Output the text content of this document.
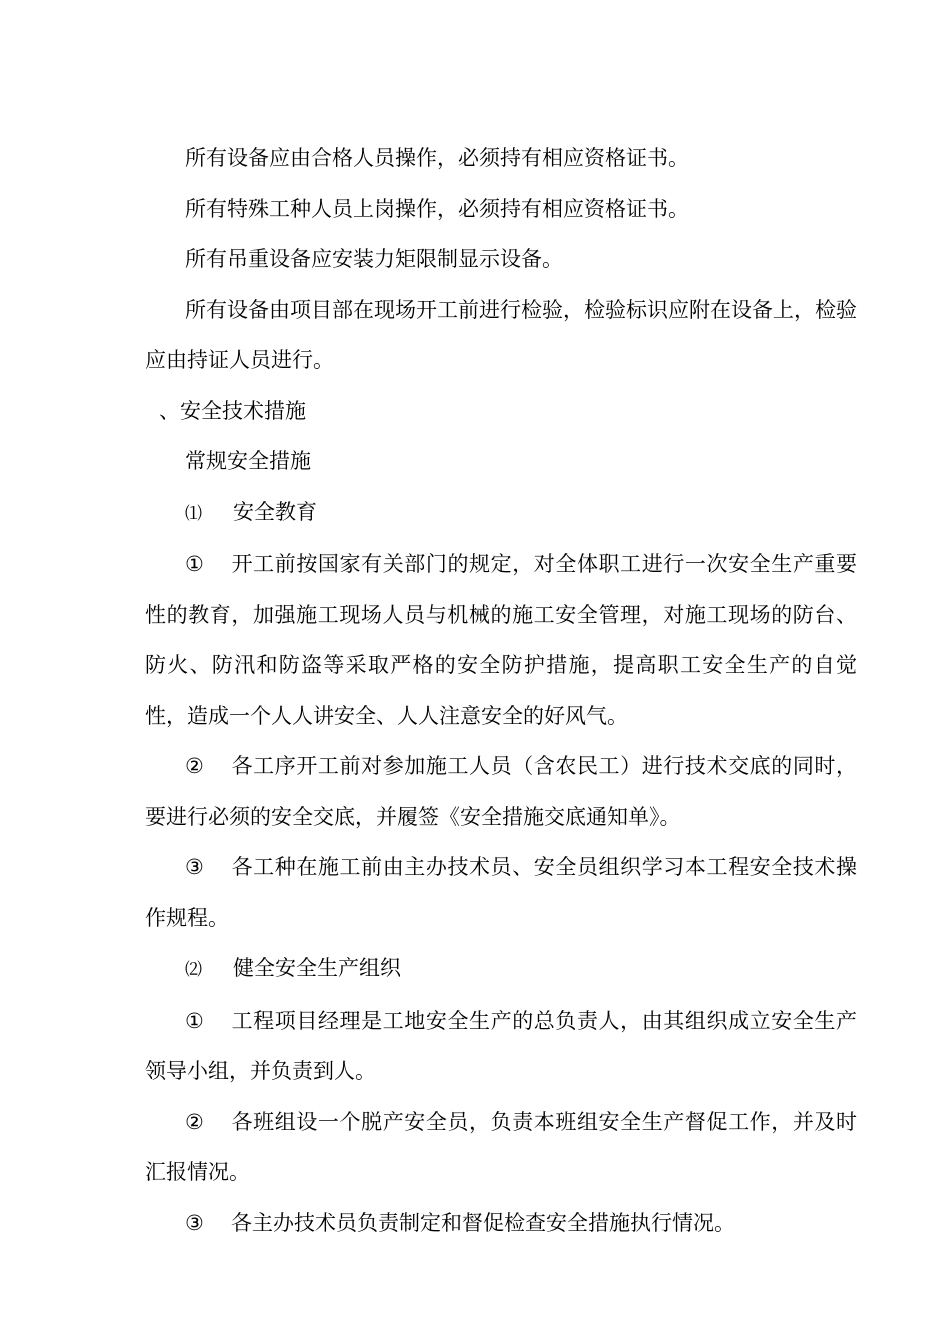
所有设备应由合格人员操作，必须持有相应资格证书。

所有特殊工种人员上岗操作，必须持有相应资格证书。

所有吊重设备应安装力矩限制显示设备。

所有设备由项目部在现场开工前进行检验，检验标识应附在设备上，检验应由持证人员进行。

、安全技术措施

常规安全措施

⑴ 安全教育

① 开工前按国家有关部门的规定，对全体职工进行一次安全生产重要性的教育，加强施工现场人员与机械的施工安全管理，对施工现场的防台、防火、防汛和防盗等采取严格的安全防护措施，提高职工安全生产的自觉性，造成一个人人讲安全、人人注意安全的好风气。

② 各工序开工前对参加施工人员（含农民工）进行技术交底的同时，要进行必须的安全交底，并履签《安全措施交底通知单》。

③ 各工种在施工前由主办技术员、安全员组织学习本工程安全技术操作规程。

⑵ 健全安全生产组织

① 工程项目经理是工地安全生产的总负责人，由其组织成立安全生产领导小组，并负责到人。

② 各班组设一个脱产安全员，负责本班组安全生产督促工作，并及时汇报情况。

③ 各主办技术员负责制定和督促检查安全措施执行情况。
